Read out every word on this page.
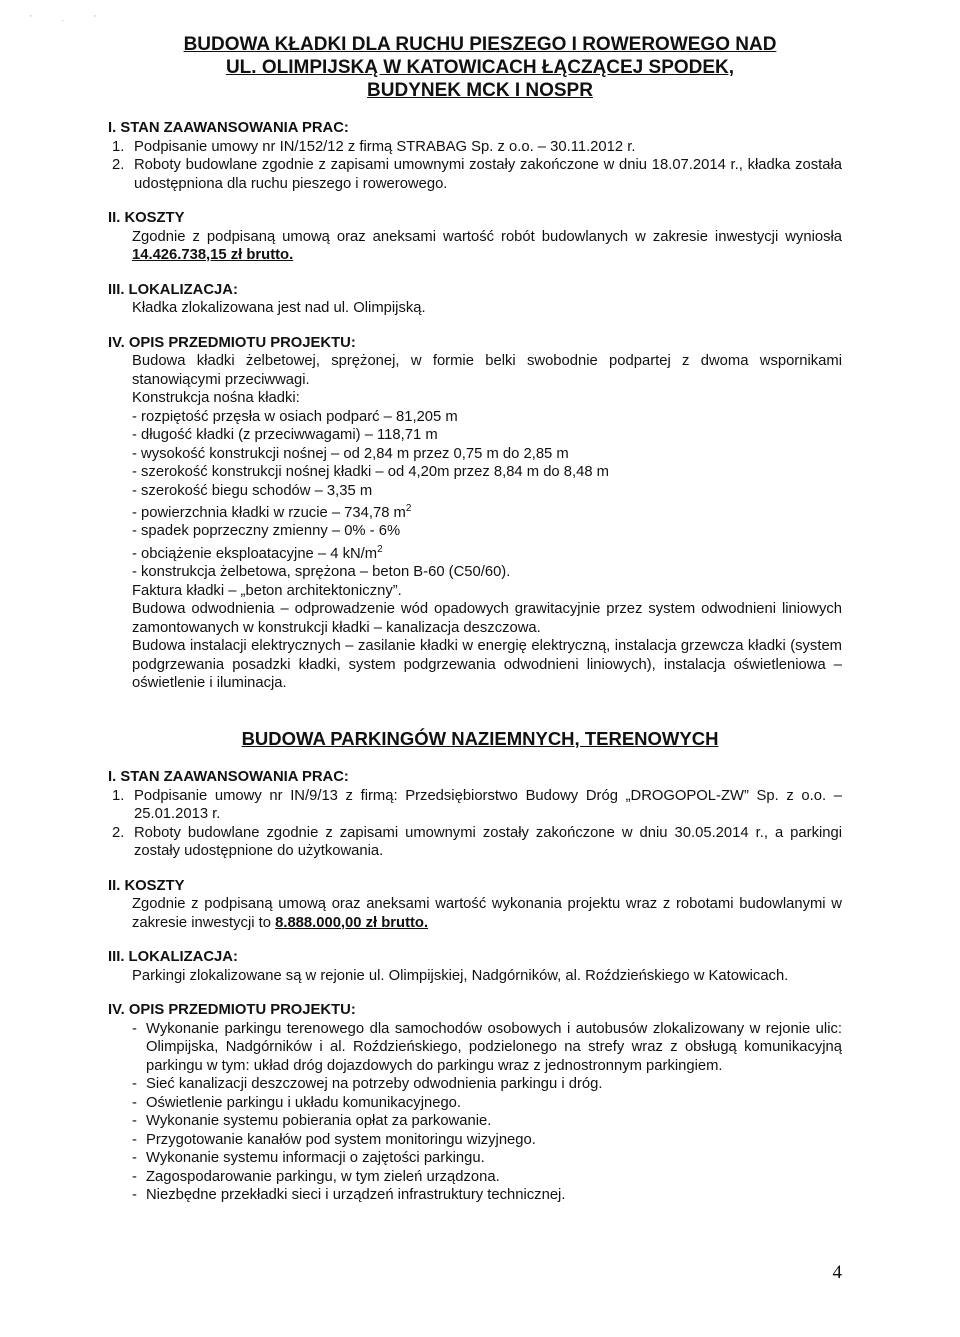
' . '
BUDOWA KŁADKI DLA RUCHU PIESZEGO I ROWEROWEGO NAD
UL. OLIMPIJSKĄ W KATOWICACH ŁĄCZĄCEJ SPODEK,
BUDYNEK MCK I NOSPR

I. STAN ZAAWANSOWANIA PRAC:

1. Podpisanie umowy nr IN/152/12 z firmą STRABAG Sp. z o.o. – 30.11.2012 r.
2. Roboty budowlane zgodnie z zapisami umownymi zostały zakończone w dniu 18.07.2014 r., kładka została udostępniona dla ruchu pieszego i rowerowego.

II. KOSZTY

Zgodnie z podpisaną umową oraz aneksami wartość robót budowlanych w zakresie inwestycji wyniosła 14.426.738,15 zł brutto.

III. LOKALIZACJA:

Kładka zlokalizowana jest nad ul. Olimpijską.

IV. OPIS PRZEDMIOTU PROJEKTU:

Budowa kładki żelbetowej, sprężonej, w formie belki swobodnie podpartej z dwoma wspornikami stanowiącymi przeciwwagi.

Konstrukcja nośna kładki:

- rozpiętość przęsła w osiach podparć – 81,205 m

- długość kładki (z przeciwwagami) – 118,71 m

- wysokość konstrukcji nośnej – od 2,84 m przez 0,75 m do 2,85 m

- szerokość konstrukcji nośnej kładki – od 4,20m przez 8,84 m do 8,48 m

- szerokość biegu schodów – 3,35 m

- powierzchnia kładki w rzucie – 734,78 $m^2$

- spadek poprzeczny zmienny – 0% - 6%

- obciążenie eksploatacyjne – 4 $kN/m^2$

- konstrukcja żelbetowa, sprężona – beton B-60 (C50/60).

Faktura kładki – „beton architektoniczny”.

Budowa odwodnienia – odprowadzenie wód opadowych grawitacyjnie przez system odwodnieni liniowych zamontowanych w konstrukcji kładki – kanalizacja deszczowa.

Budowa instalacji elektrycznych – zasilanie kładki w energię elektryczną, instalacja grzewcza kładki (system podgrzewania posadzki kładki, system podgrzewania odwodnieni liniowych), instalacja oświetleniowa – oświetlenie i iluminacja.

BUDOWA PARKINGÓW NAZIEMNYCH, TERENOWYCH

I. STAN ZAAWANSOWANIA PRAC:

1. Podpisanie umowy nr IN/9/13 z firmą: Przedsiębiorstwo Budowy Dróg „DROGOPOL-ZW” Sp. z o.o. – 25.01.2013 r.
2. Roboty budowlane zgodnie z zapisami umownymi zostały zakończone w dniu 30.05.2014 r., a parkingi zostały udostępnione do użytkowania.

II. KOSZTY

Zgodnie z podpisaną umową oraz aneksami wartość wykonania projektu wraz z robotami budowlanymi w zakresie inwestycji to 8.888.000,00 zł brutto.

III. LOKALIZACJA:

Parkingi zlokalizowane są w rejonie ul. Olimpijskiej, Nadgórników, al. Roździeńskiego w Katowicach.

IV. OPIS PRZEDMIOTU PROJEKTU:

- Wykonanie parkingu terenowego dla samochodów osobowych i autobusów zlokalizowany w rejonie ulic: Olimpijska, Nadgórników i al. Roździeńskiego, podzielonego na strefy wraz z obsługą komunikacyjną parkingu w tym: układ dróg dojazdowych do parkingu wraz z jednostronnym parkingiem.
- Sieć kanalizacji deszczowej na potrzeby odwodnienia parkingu i dróg.
- Oświetlenie parkingu i układu komunikacyjnego.
- Wykonanie systemu pobierania opłat za parkowanie.
- Przygotowanie kanałów pod system monitoringu wizyjnego.
- Wykonanie systemu informacji o zajętości parkingu.
- Zagospodarowanie parkingu, w tym zieleń urządzona.
- Niezbędne przekładki sieci i urządzeń infrastruktury technicznej.
4
